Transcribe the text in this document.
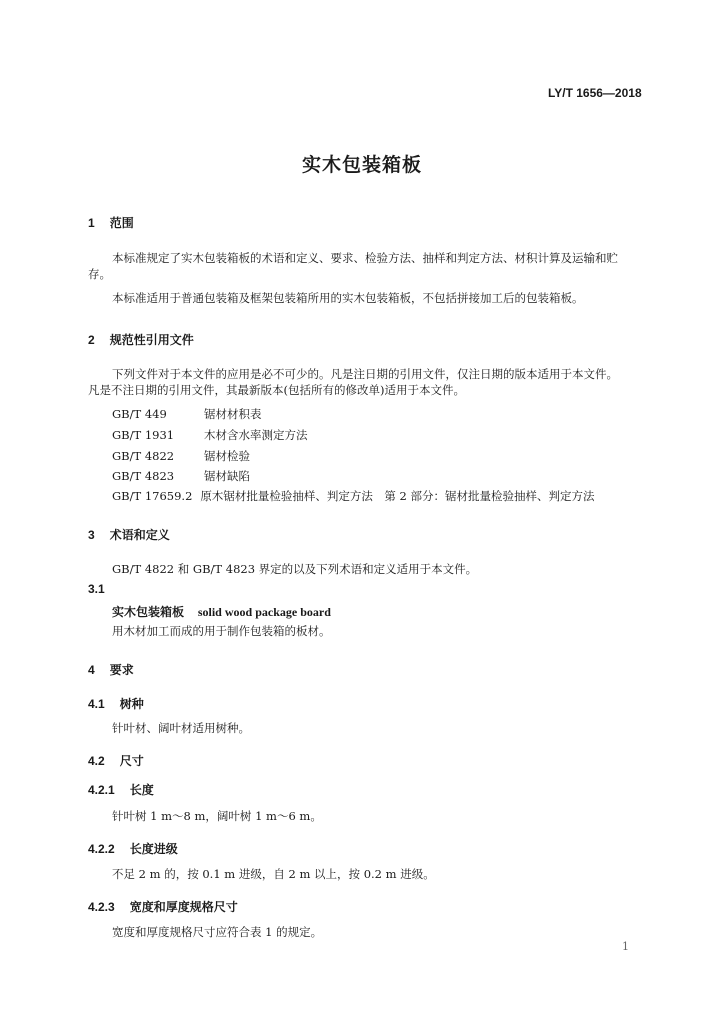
LY/T 1656—2018
实木包装箱板
1 范围
本标准规定了实木包装箱板的术语和定义、要求、检验方法、抽样和判定方法、材积计算及运输和贮存。
本标准适用于普通包装箱及框架包装箱所用的实木包装箱板，不包括拼接加工后的包装箱板。
2 规范性引用文件
下列文件对于本文件的应用是必不可少的。凡是注日期的引用文件，仅注日期的版本适用于本文件。凡是不注日期的引用文件，其最新版本(包括所有的修改单)适用于本文件。
GB/T 449	锯材材积表
GB/T 1931	木材含水率测定方法
GB/T 4822	锯材检验
GB/T 4823	锯材缺陷
GB/T 17659.2 原木锯材批量检验抽样、判定方法　第 2 部分：锯材批量检验抽样、判定方法
3 术语和定义
GB/T 4822 和 GB/T 4823 界定的以及下列术语和定义适用于本文件。
3.1
实木包装箱板 solid wood package board
用木材加工而成的用于制作包装箱的板材。
4 要求
4.1 树种
针叶材、阔叶材适用树种。
4.2 尺寸
4.2.1 长度
针叶树 1 m～8 m，阔叶树 1 m～6 m。
4.2.2 长度进级
不足 2 m 的，按 0.1 m 进级，自 2 m 以上，按 0.2 m 进级。
4.2.3 宽度和厚度规格尺寸
宽度和厚度规格尺寸应符合表 1 的规定。
1
